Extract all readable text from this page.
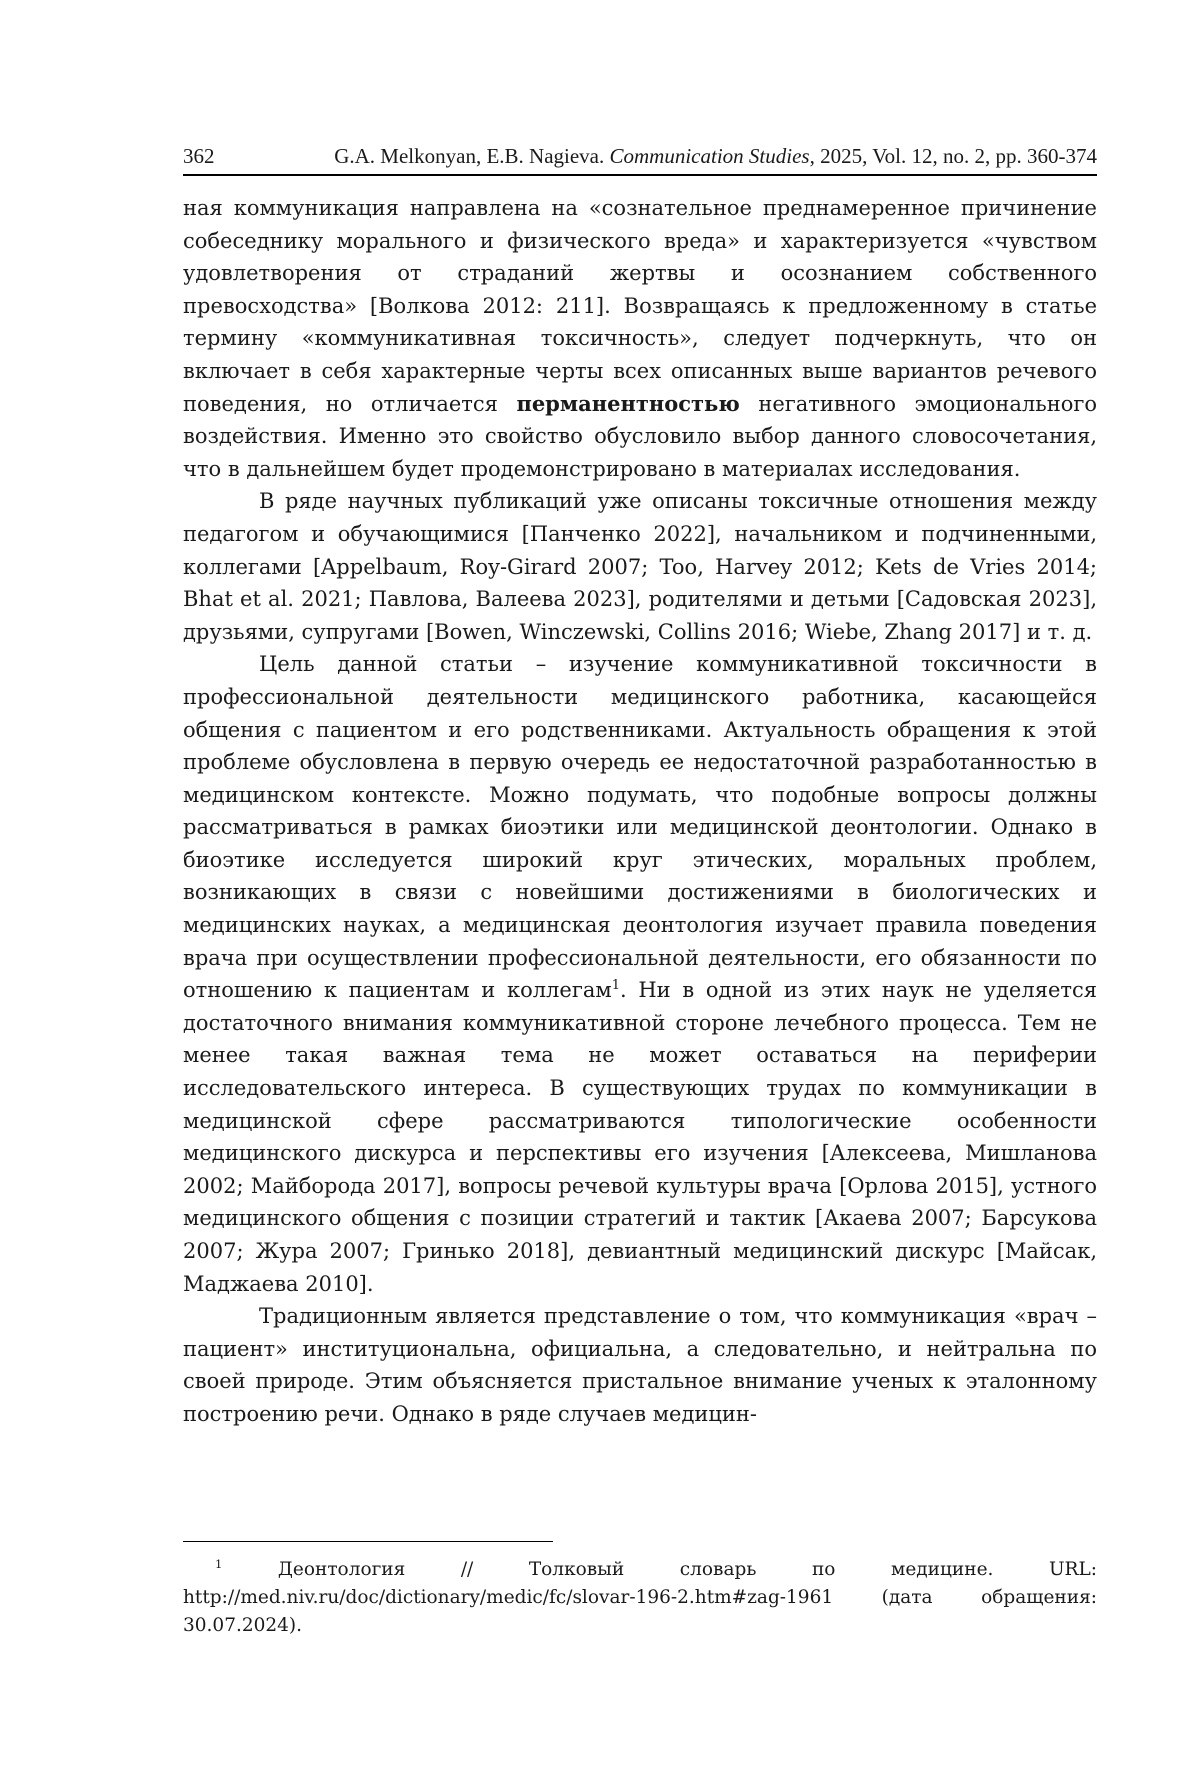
362	G.A. Melkonyan, E.B. Nagieva. Communication Studies, 2025, Vol. 12, no. 2, pp. 360-374

ная коммуникация направлена на «сознательное преднамеренное причинение собеседнику морального и физического вреда» и характеризуется «чувством удовлетворения от страданий жертвы и осознанием собственного превосходства» [Волкова 2012: 211]. Возвращаясь к предложенному в статье термину «коммуникативная токсичность», следует подчеркнуть, что он включает в себя характерные черты всех описанных выше вариантов речевого поведения, но отличается перманентностью негативного эмоционального воздействия. Именно это свойство обусловило выбор данного словосочетания, что в дальнейшем будет продемонстрировано в материалах исследования.

В ряде научных публикаций уже описаны токсичные отношения между педагогом и обучающимися [Панченко 2022], начальником и подчиненными, коллегами [Appelbaum, Roy-Girard 2007; Too, Harvey 2012; Kets de Vries 2014; Bhat et al. 2021; Павлова, Валеева 2023], родителями и детьми [Садовская 2023], друзьями, супругами [Bowen, Winczewski, Collins 2016; Wiebe, Zhang 2017] и т. д.

Цель данной статьи – изучение коммуникативной токсичности в профессиональной деятельности медицинского работника, касающейся общения с пациентом и его родственниками. Актуальность обращения к этой проблеме обусловлена в первую очередь ее недостаточной разработанностью в медицинском контексте. Можно подумать, что подобные вопросы должны рассматриваться в рамках биоэтики или медицинской деонтологии. Однако в биоэтике исследуется широкий круг этических, моральных проблем, возникающих в связи с новейшими достижениями в биологических и медицинских науках, а медицинская деонтология изучает правила поведения врача при осуществлении профессиональной деятельности, его обязанности по отношению к пациентам и коллегам$^1$. Ни в одной из этих наук не уделяется достаточного внимания коммуникативной стороне лечебного процесса. Тем не менее такая важная тема не может оставаться на периферии исследовательского интереса. В существующих трудах по коммуникации в медицинской сфере рассматриваются типологические особенности медицинского дискурса и перспективы его изучения [Алексеева, Мишланова 2002; Майборода 2017], вопросы речевой культуры врача [Орлова 2015], устного медицинского общения с позиции стратегий и тактик [Акаева 2007; Барсукова 2007; Жура 2007; Гринько 2018], девиантный медицинский дискурс [Майсак, Маджаева 2010].

Традиционным является представление о том, что коммуникация «врач – пациент» институциональна, официальна, а следовательно, и нейтральна по своей природе. Этим объясняется пристальное внимание ученых к эталонному построению речи. Однако в ряде случаев медицин-

$^1$	Деонтология // Толковый словарь по медицине. URL: http://med.niv.ru/doc/dictionary/medic/fc/slovar-196-2.htm#zag-1961 (дата обращения: 30.07.2024).
